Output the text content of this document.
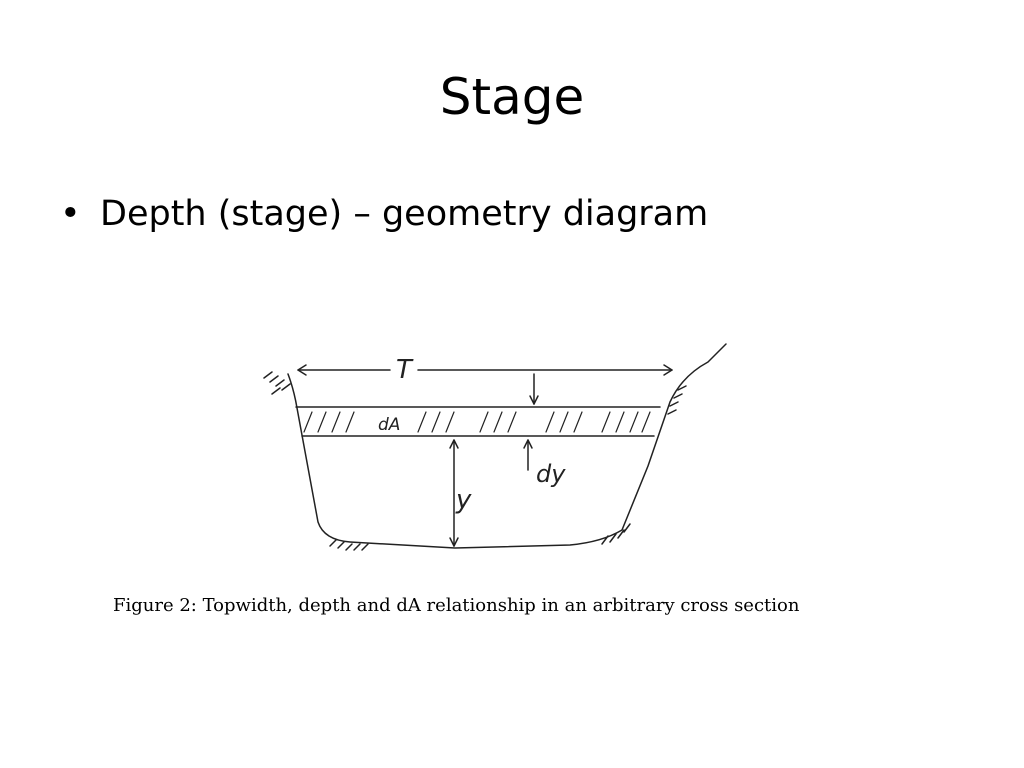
Stage
• Depth (stage) – geometry diagram
T
dA
y
dy
Figure 2: Topwidth, depth and dA relationship in an arbitrary cross section
